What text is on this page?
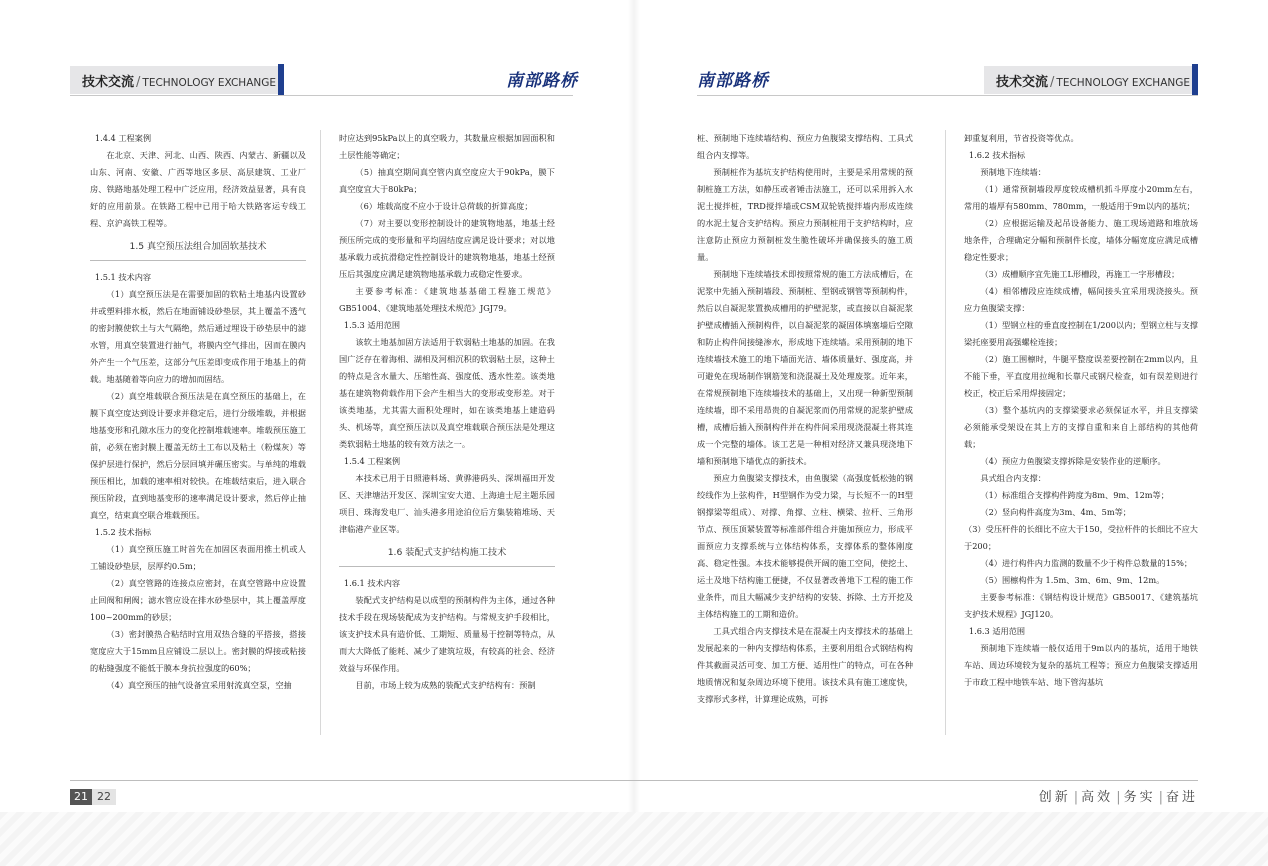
技术交流 / TECHNOLOGY EXCHANGE	南部路桥	南部路桥	技术交流 / TECHNOLOGY EXCHANGE

1.4.4 工程案例

在北京、天津、河北、山西、陕西、内蒙古、新疆以及山东、河南、安徽、广西等地区多层、高层建筑、工业厂房、铁路地基处理工程中广泛应用，经济效益显著，具有良好的应用前景。在铁路工程中已用于哈大铁路客运专线工程、京沪高铁工程等。

1.5 真空预压法组合加固软基技术

1.5.1 技术内容

（1）真空预压法是在需要加固的软粘土地基内设置砂井或塑料排水板，然后在地面铺设砂垫层，其上覆盖不透气的密封膜使软土与大气隔绝，然后通过埋设于砂垫层中的滤水管，用真空装置进行抽气，将膜内空气排出，因而在膜内外产生一个气压差，这部分气压差即变成作用于地基上的荷载。地基随着等向应力的增加而固结。

（2）真空堆载联合预压法是在真空预压的基础上，在膜下真空度达到设计要求并稳定后，进行分级堆载，并根据地基变形和孔隙水压力的变化控制堆载速率。堆载预压施工前，必须在密封膜上覆盖无纺土工布以及粘土（粉煤灰）等保护层进行保护，然后分层回填并碾压密实。与单纯的堆载预压相比，加载的速率相对较快。在堆载结束后，进入联合预压阶段，直到地基变形的速率满足设计要求，然后停止抽真空，结束真空联合堆载预压。

1.5.2 技术指标

（1）真空预压施工时首先在加固区表面用推土机或人工铺设砂垫层，层厚约0.5m；

（2）真空管路的连接点应密封，在真空管路中应设置止回阀和闸阀；滤水管应设在排水砂垫层中，其上覆盖厚度100~200mm的砂层；

（3）密封膜热合粘结时宜用双热合缝的平搭接，搭接宽度应大于15mm且应铺设二层以上。密封膜的焊接或粘接的粘缝强度不能低于膜本身抗拉强度的60%；

（4）真空预压的抽气设备宜采用射流真空泵，空抽

时应达到95kPa以上的真空吸力，其数量应根据加固面积和土层性能等确定；

（5）抽真空期间真空管内真空度应大于90kPa，膜下真空度宜大于80kPa；

（6）堆载高度不应小于设计总荷载的折算高度；

（7）对主要以变形控制设计的建筑物地基，地基土经预压所完成的变形量和平均固结度应满足设计要求；对以地基承载力或抗滑稳定性控制设计的建筑物地基，地基土经预压后其强度应满足建筑物地基承载力或稳定性要求。

主要参考标准：《建筑地基基础工程施工规范》GB51004、《建筑地基处理技术规范》JGJ79。

1.5.3 适用范围

该软土地基加固方法适用于软弱粘土地基的加固。在我国广泛存在着海相、湖相及河相沉积的软弱粘土层，这种土的特点是含水量大、压缩性高、强度低、透水性差。该类地基在建筑物荷载作用下会产生相当大的变形或变形差。对于该类地基，尤其需大面积处理时，如在该类地基上建造码头、机场等，真空预压法以及真空堆载联合预压法是处理这类软弱粘土地基的较有效方法之一。

1.5.4 工程案例

本技术已用于日照港料场、黄骅港码头、深圳福田开发区、天津塘沽开发区、深圳宝安大道、上海迪士尼主题乐园项目、珠海发电厂、汕头港多用途泊位后方集装箱堆场、天津临港产业区等。

1.6 装配式支护结构施工技术

1.6.1 技术内容

装配式支护结构是以成型的预制构件为主体，通过各种技术手段在现场装配成为支护结构。与常规支护手段相比，该支护技术具有造价低、工期短、质量易于控制等特点，从而大大降低了能耗、减少了建筑垃圾，有较高的社会、经济效益与环保作用。

目前，市场上较为成熟的装配式支护结构有：预制

桩、预制地下连续墙结构、预应力鱼腹梁支撑结构、工具式组合内支撑等。

预制桩作为基坑支护结构使用时，主要是采用常规的预制桩施工方法，如静压或者锤击法施工，还可以采用拆入水泥土搅拌桩，TRD搅拌墙或CSM双轮铣搅拌墙内形成连续的水泥土复合支护结构。预应力预制桩用于支护结构时，应注意防止预应力预制桩发生脆性破坏并确保接头的施工质量。

预制地下连续墙技术即按照常规的施工方法成槽后，在泥浆中先插入预制墙段、预制桩、型钢或钢管等预制构件，然后以自凝泥浆置换成槽用的护壁泥浆，或直接以自凝泥浆护壁成槽插入预制构件，以自凝泥浆的凝固体填塞墙后空隙和防止构件间接缝渗水，形成地下连续墙。采用预制的地下连续墙技术施工的地下墙面光洁、墙体质量好、强度高，并可避免在现场制作钢筋笼和浇混凝土及处理废浆。近年来，在常规预制地下连续墙技术的基础上，又出现一种新型预制连续墙，即不采用昂贵的自凝泥浆而仍用常规的泥浆护壁成槽，成槽后插入预制构件并在构件间采用现浇混凝土将其连成一个完整的墙体。该工艺是一种相对经济又兼具现浇地下墙和预制地下墙优点的新技术。

预应力鱼腹梁支撑技术，由鱼腹梁（高强度低松弛的钢绞线作为上弦构件，H型钢作为受力梁，与长短不一的H型钢撑梁等组成）、对撑、角撑、立柱、横梁、拉杆、三角形节点、预压顶紧装置等标准部件组合并施加预应力，形成平面预应力支撑系统与立体结构体系，支撑体系的整体刚度高、稳定性强。本技术能够提供开阔的施工空间，使挖土、运土及地下结构施工便捷，不仅显著改善地下工程的施工作业条件，而且大幅减少支护结构的安装、拆除、土方开挖及主体结构施工的工期和造价。

工具式组合内支撑技术是在混凝土内支撑技术的基础上发展起来的一种内支撑结构体系，主要利用组合式钢结构构件其截面灵活可变、加工方便、适用性广的特点，可在各种地质情况和复杂周边环境下使用。该技术具有施工速度快，支撑形式多样，计算理论成熟，可拆

卸重复利用，节省投资等优点。

1.6.2 技术指标

预制地下连续墙：

（1）通常预制墙段厚度较成槽机抓斗厚度小20mm左右，常用的墙厚有580mm、780mm，一般适用于9m以内的基坑；

（2）应根据运输及起吊设备能力、施工现场道路和堆放场地条件，合理确定分幅和预制件长度，墙体分幅宽度应满足成槽稳定性要求；

（3）成槽顺序宜先施工L形槽段，再施工一字形槽段；

（4）相邻槽段应连续成槽，幅间接头宜采用现浇接头。预应力鱼腹梁支撑：

（1）型钢立柱的垂直度控制在1/200以内；型钢立柱与支撑梁托座要用高强螺栓连接；

（2）施工围檩时，牛腿平整度误差要控制在2mm以内，且不能下垂，平直度用拉绳和长靠尺或钢尺检查，如有误差则进行校正，校正后采用焊接固定；

（3）整个基坑内的支撑梁要求必须保证水平，并且支撑梁必须能承受架设在其上方的支撑自重和来自上部结构的其他荷载；

（4）预应力鱼腹梁支撑拆除是安装作业的逆顺序。

具式组合内支撑：

（1）标准组合支撑构件跨度为8m、9m、12m等；

（2）竖向构件高度为3m、4m、5m等；

（3）受压杆件的长细比不应大于150，受拉杆件的长细比不应大于200；

（4）进行构件内力监测的数量不少于构件总数量的15%；

（5）围檩构件为 1.5m、3m、6m、9m、12m。

主要参考标准：《钢结构设计规范》GB50017、《建筑基坑支护技术规程》JGJ120。

1.6.3 适用范围

预制地下连续墙一般仅适用于9m以内的基坑，适用于地铁车站、周边环境较为复杂的基坑工程等；预应力鱼腹梁支撑适用于市政工程中地铁车站、地下管沟基坑

21 22	创新 | 高效 | 务实 | 奋进
